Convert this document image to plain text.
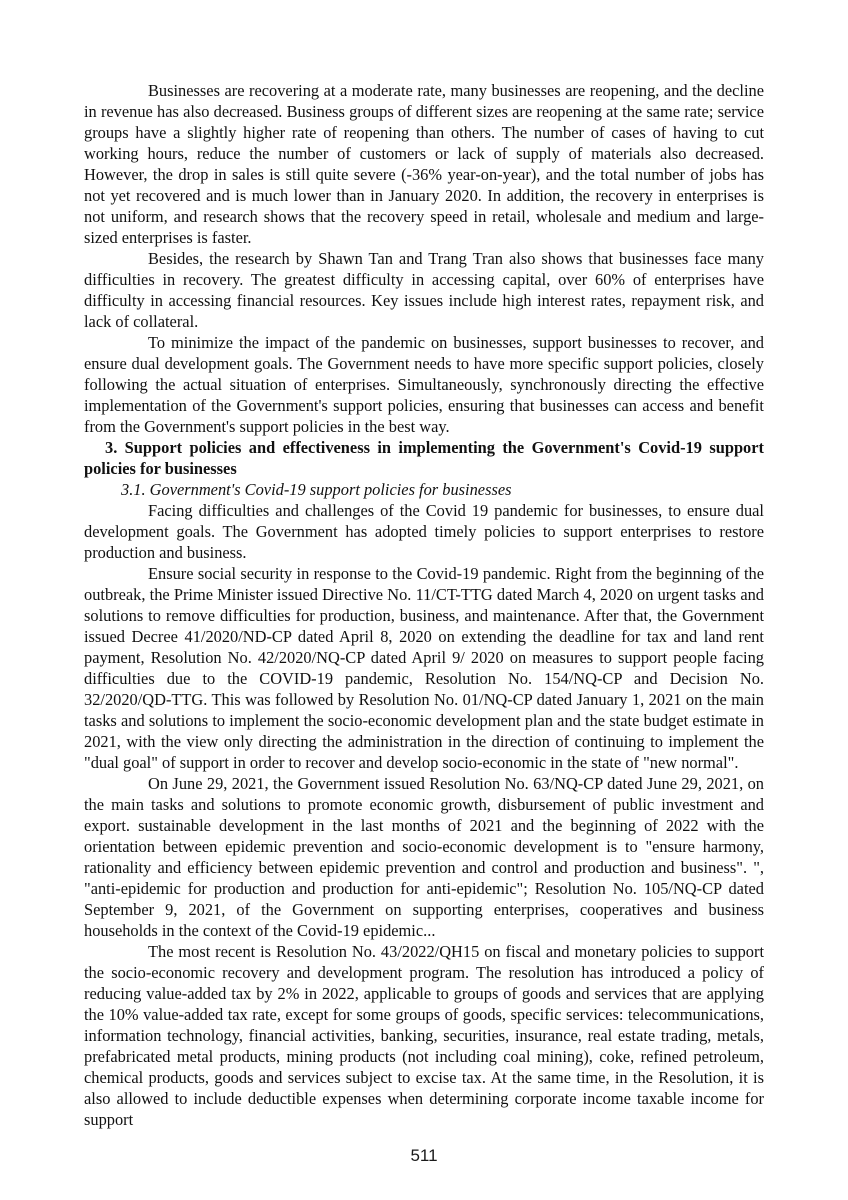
Businesses are recovering at a moderate rate, many businesses are reopening, and the decline in revenue has also decreased. Business groups of different sizes are reopening at the same rate; service groups have a slightly higher rate of reopening than others. The number of cases of having to cut working hours, reduce the number of customers or lack of supply of materials also decreased. However, the drop in sales is still quite severe (-36% year-on-year), and the total number of jobs has not yet recovered and is much lower than in January 2020. In addition, the recovery in enterprises is not uniform, and research shows that the recovery speed in retail, wholesale and medium and large-sized enterprises is faster.

Besides, the research by Shawn Tan and Trang Tran also shows that businesses face many difficulties in recovery. The greatest difficulty in accessing capital, over 60% of enterprises have difficulty in accessing financial resources. Key issues include high interest rates, repayment risk, and lack of collateral.

To minimize the impact of the pandemic on businesses, support businesses to recover, and ensure dual development goals. The Government needs to have more specific support policies, closely following the actual situation of enterprises. Simultaneously, synchronously directing the effective implementation of the Government's support policies, ensuring that businesses can access and benefit from the Government's support policies in the best way.

3. Support policies and effectiveness in implementing the Government's Covid-19 support policies for businesses

3.1. Government's Covid-19 support policies for businesses

Facing difficulties and challenges of the Covid 19 pandemic for businesses, to ensure dual development goals. The Government has adopted timely policies to support enterprises to restore production and business.

Ensure social security in response to the Covid-19 pandemic. Right from the beginning of the outbreak, the Prime Minister issued Directive No. 11/CT-TTG dated March 4, 2020 on urgent tasks and solutions to remove difficulties for production, business, and maintenance. After that, the Government issued Decree 41/2020/ND-CP dated April 8, 2020 on extending the deadline for tax and land rent payment, Resolution No. 42/2020/NQ-CP dated April 9/ 2020 on measures to support people facing difficulties due to the COVID-19 pandemic, Resolution No. 154/NQ-CP and Decision No. 32/2020/QD-TTG. This was followed by Resolution No. 01/NQ-CP dated January 1, 2021 on the main tasks and solutions to implement the socio-economic development plan and the state budget estimate in 2021, with the view only directing the administration in the direction of continuing to implement the "dual goal" of support in order to recover and develop socio-economic in the state of "new normal".

On June 29, 2021, the Government issued Resolution No. 63/NQ-CP dated June 29, 2021, on the main tasks and solutions to promote economic growth, disbursement of public investment and export. sustainable development in the last months of 2021 and the beginning of 2022 with the orientation between epidemic prevention and socio-economic development is to "ensure harmony, rationality and efficiency between epidemic prevention and control and production and business". ", "anti-epidemic for production and production for anti-epidemic"; Resolution No. 105/NQ-CP dated September 9, 2021, of the Government on supporting enterprises, cooperatives and business households in the context of the Covid-19 epidemic...

The most recent is Resolution No. 43/2022/QH15 on fiscal and monetary policies to support the socio-economic recovery and development program. The resolution has introduced a policy of reducing value-added tax by 2% in 2022, applicable to groups of goods and services that are applying the 10% value-added tax rate, except for some groups of goods, specific services: telecommunications, information technology, financial activities, banking, securities, insurance, real estate trading, metals, prefabricated metal products, mining products (not including coal mining), coke, refined petroleum, chemical products, goods and services subject to excise tax. At the same time, in the Resolution, it is also allowed to include deductible expenses when determining corporate income taxable income for support

511
